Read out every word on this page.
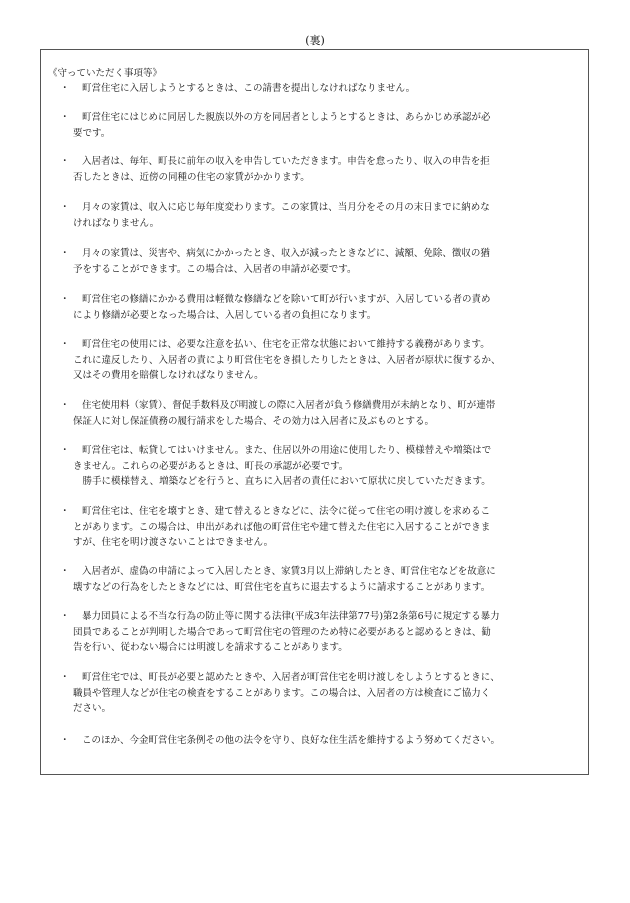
(裏)
《守っていただく事項等》
・	町営住宅に入居しようとするときは、この請書を提出しなければなりません。
・	町営住宅にはじめに同居した親族以外の方を同居者としようとするときは、あらかじめ承認が必
要です。
・	入居者は、毎年、町長に前年の収入を申告していただきます。申告を怠ったり、収入の申告を拒
否したときは、近傍の同種の住宅の家賃がかかります。
・	月々の家賃は、収入に応じ毎年度変わります。この家賃は、当月分をその月の末日までに納めな
ければなりません。
・	月々の家賃は、災害や、病気にかかったとき、収入が減ったときなどに、減額、免除、徴収の猶
予をすることができます。この場合は、入居者の申請が必要です。
・	町営住宅の修繕にかかる費用は軽微な修繕などを除いて町が行いますが、入居している者の責め
により修繕が必要となった場合は、入居している者の負担になります。
・	町営住宅の使用には、必要な注意を払い、住宅を正常な状態において維持する義務があります。
これに違反したり、入居者の責により町営住宅をき損したりしたときは、入居者が原状に復するか、
又はその費用を賠償しなければなりません。
・	住宅使用料（家賃）、督促手数料及び明渡しの際に入居者が負う修繕費用が未納となり、町が連帯
保証人に対し保証債務の履行請求をした場合、その効力は入居者に及ぶものとする。
・	町営住宅は、転貸してはいけません。また、住居以外の用途に使用したり、模様替えや増築はで
きません。これらの必要があるときは、町長の承認が必要です。
　勝手に模様替え、増築などを行うと、直ちに入居者の責任において原状に戻していただきます。
・	町営住宅は、住宅を壊すとき、建て替えるときなどに、法令に従って住宅の明け渡しを求めるこ
とがあります。この場合は、申出があれば他の町営住宅や建て替えた住宅に入居することができま
すが、住宅を明け渡さないことはできません。
・	入居者が、虚偽の申請によって入居したとき、家賃3月以上滞納したとき、町営住宅などを故意に
壊すなどの行為をしたときなどには、町営住宅を直ちに退去するように請求することがあります。
・	暴力団員による不当な行為の防止等に関する法律(平成3年法律第77号)第2条第6号に規定する暴力
団員であることが判明した場合であって町営住宅の管理のため特に必要があると認めるときは、勧
告を行い、従わない場合には明渡しを請求することがあります。
・	町営住宅では、町長が必要と認めたときや、入居者が町営住宅を明け渡しをしようとするときに、
職員や管理人などが住宅の検査をすることがあります。この場合は、入居者の方は検査にご協力く
ださい。
・	このほか、今金町営住宅条例その他の法令を守り、良好な住生活を維持するよう努めてください。
